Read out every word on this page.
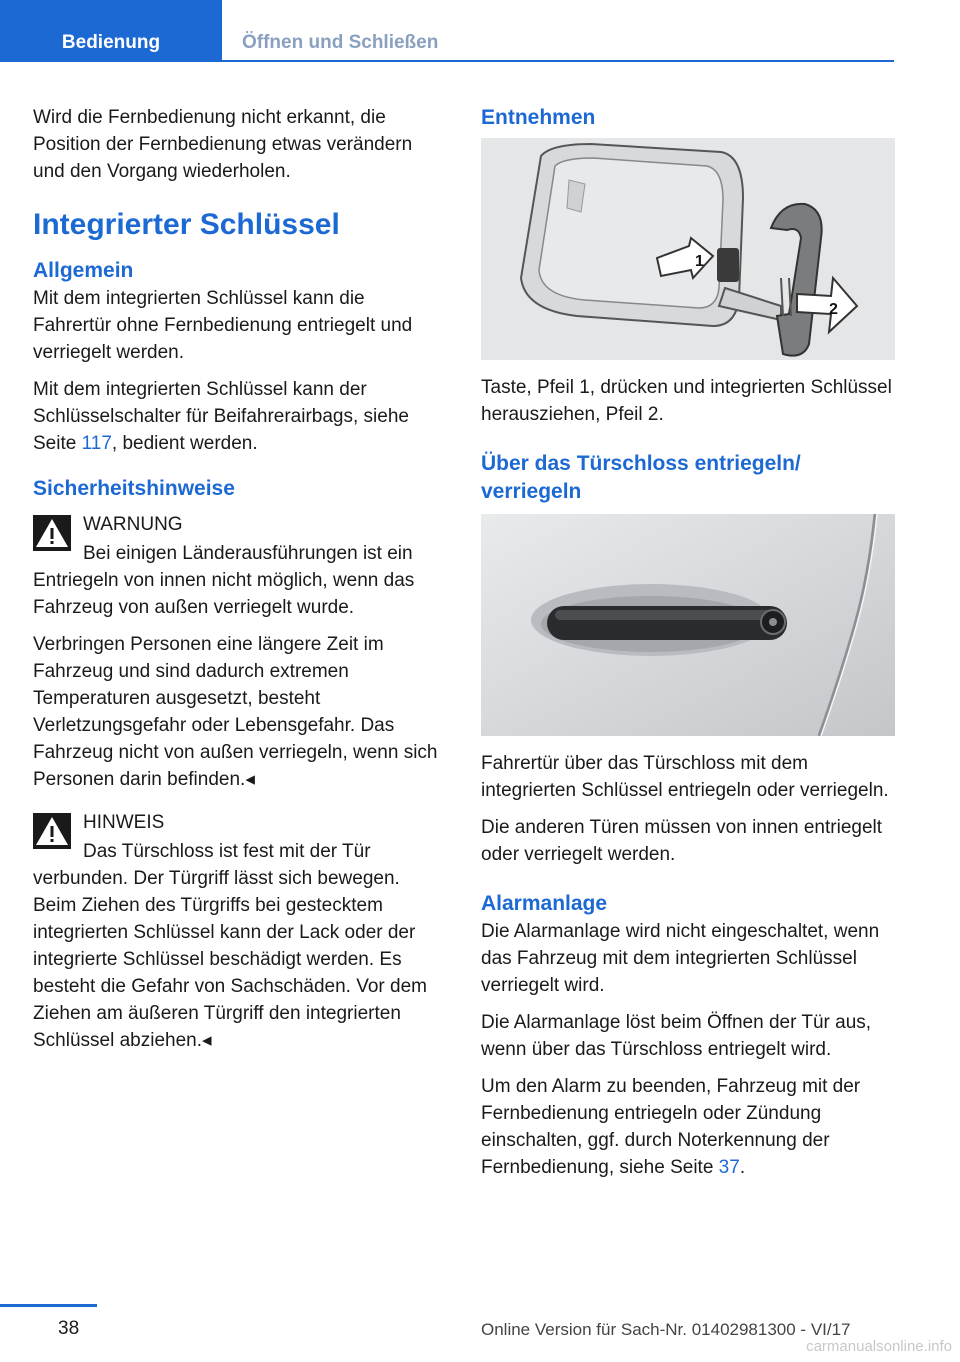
Bedienung	Öffnen und Schließen

Wird die Fernbedienung nicht erkannt, die Position der Fernbedienung etwas verändern und den Vorgang wiederholen.

Integrierter Schlüssel
Allgemein

Mit dem integrierten Schlüssel kann die Fahrertür ohne Fernbedienung entriegelt und verriegelt werden.

Mit dem integrierten Schlüssel kann der Schlüsselschalter für Beifahrerairbags, siehe Seite 117, bedient werden.

Sicherheitshinweise

WARNUNG

Bei einigen Länderausführungen ist ein Entriegeln von innen nicht möglich, wenn das Fahrzeug von außen verriegelt wurde.

Verbringen Personen eine längere Zeit im Fahrzeug und sind dadurch extremen Temperaturen ausgesetzt, besteht Verletzungsgefahr oder Lebensgefahr. Das Fahrzeug nicht von außen verriegeln, wenn sich Personen darin befinden.◂

HINWEIS

Das Türschloss ist fest mit der Tür verbunden. Der Türgriff lässt sich bewegen. Beim Ziehen des Türgriffs bei gestecktem integrierten Schlüssel kann der Lack oder der integrierte Schlüssel beschädigt werden. Es besteht die Gefahr von Sachschäden. Vor dem Ziehen am äußeren Türgriff den integrierten Schlüssel abziehen.◂

Entnehmen
1
2

Taste, Pfeil 1, drücken und integrierten Schlüssel herausziehen, Pfeil 2.

Über das Türschloss entriegeln/ verriegeln

Fahrertür über das Türschloss mit dem integrierten Schlüssel entriegeln oder verriegeln.

Die anderen Türen müssen von innen entriegelt oder verriegelt werden.

Alarmanlage

Die Alarmanlage wird nicht eingeschaltet, wenn das Fahrzeug mit dem integrierten Schlüssel verriegelt wird.

Die Alarmanlage löst beim Öffnen der Tür aus, wenn über das Türschloss entriegelt wird.

Um den Alarm zu beenden, Fahrzeug mit der Fernbedienung entriegeln oder Zündung einschalten, ggf. durch Noterkennung der Fernbedienung, siehe Seite 37.

38	Online Version für Sach-Nr. 01402981300 - VI/17
carmanualsonline.info
